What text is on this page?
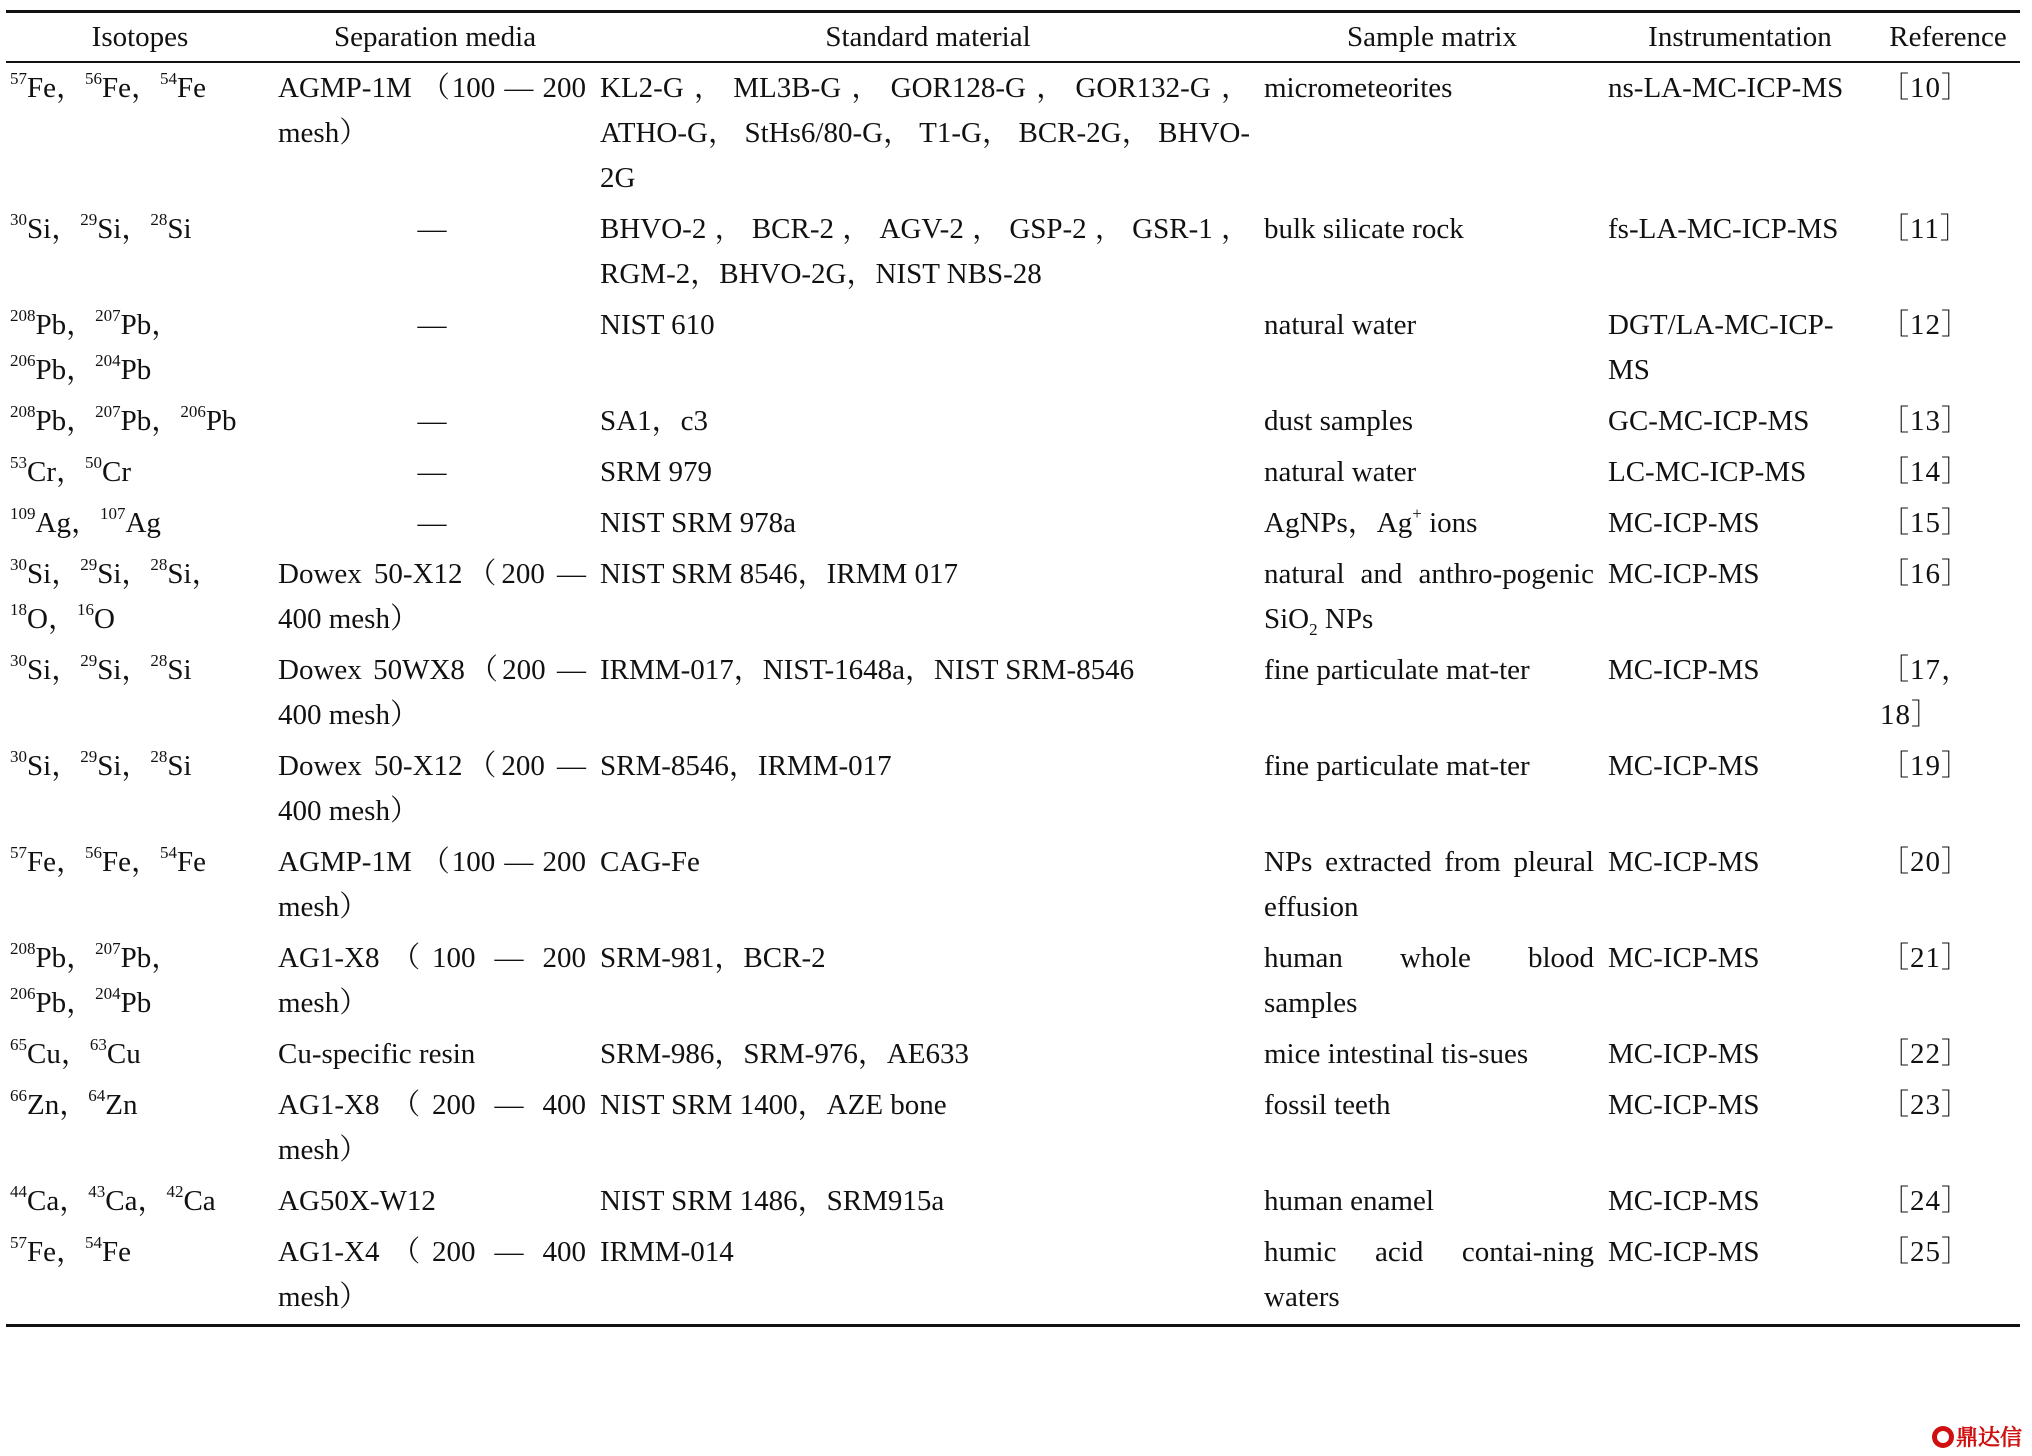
Isotopes	Separation media	Standard material	Sample matrix	Instrumentation	Reference
$^{57}$Fe，$^{56}$Fe，$^{54}$Fe	AGMP-1M （100 — 200 mesh）	KL2-G，ML3B-G，GOR128-G，GOR132-G，ATHO-G， StHs6/80-G， T1-G， BCR-2G， BHVO-2G	micrometeorites	ns-LA-MC-ICP-MS	［10］
$^{30}$Si，$^{29}$Si，$^{28}$Si	—	BHVO-2，BCR-2，AGV-2，GSP-2，GSR-1，RGM-2，BHVO-2G，NIST NBS-28	bulk silicate rock	fs-LA-MC-ICP-MS	［11］
$^{208}$Pb，$^{207}$Pb，$^{206}$Pb，$^{204}$Pb	—	NIST 610	natural water	DGT/LA-MC-ICP-MS	［12］
$^{208}$Pb，$^{207}$Pb，$^{206}$Pb	—	SA1，c3	dust samples	GC-MC-ICP-MS	［13］
$^{53}$Cr，$^{50}$Cr	—	SRM 979	natural water	LC-MC-ICP-MS	［14］
$^{109}$Ag，$^{107}$Ag	—	NIST SRM 978a	AgNPs，Ag+ ions	MC-ICP-MS	［15］
$^{30}$Si，$^{29}$Si，$^{28}$Si，$^{18}$O，$^{16}$O	Dowex 50-X12（200 —400 mesh）	NIST SRM 8546，IRMM 017	natural and anthro-pogenic SiO$_2$ NPs	MC-ICP-MS	［16］
$^{30}$Si，$^{29}$Si，$^{28}$Si	Dowex 50WX8（200 —400 mesh）	IRMM-017，NIST-1648a，NIST SRM-8546	fine particulate mat-ter	MC-ICP-MS	［17，18］
$^{30}$Si，$^{29}$Si，$^{28}$Si	Dowex 50-X12（200 —400 mesh）	SRM-8546，IRMM-017	fine particulate mat-ter	MC-ICP-MS	［19］
$^{57}$Fe，$^{56}$Fe，$^{54}$Fe	AGMP-1M （100 — 200 mesh）	CAG-Fe	NPs extracted from pleural effusion	MC-ICP-MS	［20］
$^{208}$Pb，$^{207}$Pb，$^{206}$Pb，$^{204}$Pb	AG1-X8（100 — 200 mesh）	SRM-981，BCR-2	human whole blood samples	MC-ICP-MS	［21］
$^{65}$Cu，$^{63}$Cu	Cu-specific resin	SRM-986，SRM-976，AE633	mice intestinal tis-sues	MC-ICP-MS	［22］
$^{66}$Zn，$^{64}$Zn	AG1-X8（200 — 400 mesh）	NIST SRM 1400，AZE bone	fossil teeth	MC-ICP-MS	［23］
$^{44}$Ca，$^{43}$Ca，$^{42}$Ca	AG50X-W12	NIST SRM 1486，SRM915a	human enamel	MC-ICP-MS	［24］
$^{57}$Fe，$^{54}$Fe	AG1-X4（200 — 400 mesh）	IRMM-014	humic acid contai-ning waters	MC-ICP-MS	［25］
鼎达信
